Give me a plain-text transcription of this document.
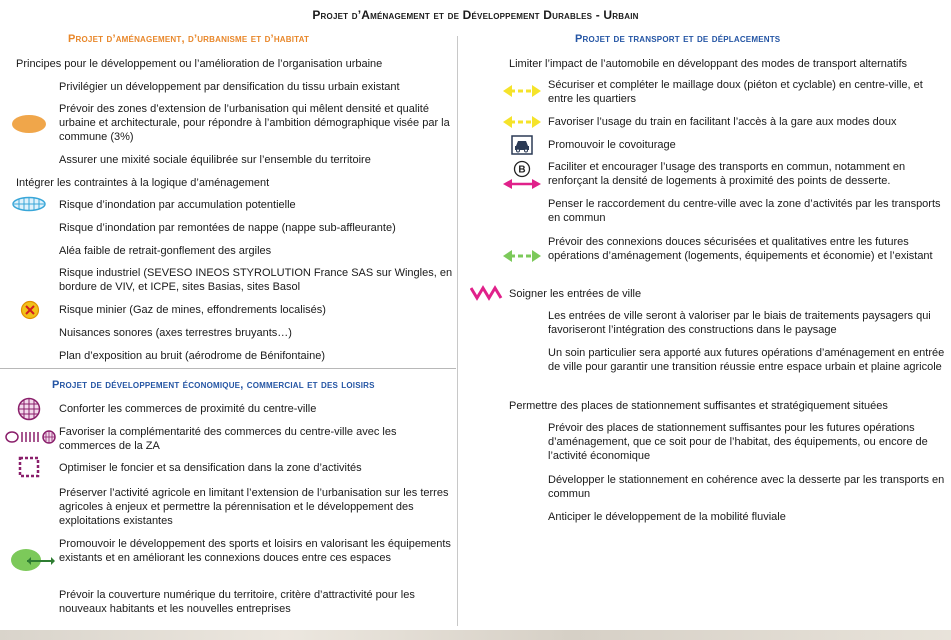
Projet d’Aménagement et de Développement Durables - Urbain
Projet d’aménagement, d’urbanisme et d’habitat

Principes pour le développement ou l’amélioration de l’organisation urbaine

Privilégier un développement par densification du tissu urbain existant

Prévoir des zones d’extension de l’urbanisation qui mêlent densité et qualité urbaine et architecturale, pour répondre à l’ambition démographique visée par la commune (3%)

Assurer une mixité sociale équilibrée sur l’ensemble du territoire

Intégrer les contraintes à la logique d’aménagement

Risque d’inondation par accumulation potentielle

Risque d’inondation par remontées de nappe (nappe sub-affleurante)

Aléa faible de retrait-gonflement des argiles

Risque industriel (SEVESO INEOS STYROLUTION France SAS sur Wingles, en bordure de VIV, et ICPE, sites Basias, sites Basol

Risque minier (Gaz de mines, effondrements localisés)

Nuisances sonores (axes terrestres bruyants…)

Plan d’exposition au bruit (aérodrome de Bénifontaine)

Projet de développement économique, commercial et des loisirs

Conforter les commerces de proximité du centre-ville

Favoriser la complémentarité des commerces du centre-ville avec les commerces de la ZA

Optimiser le foncier et sa densification dans la zone d’activités

Préserver l’activité agricole en limitant l’extension de l’urbanisation sur les terres agricoles à enjeux et permettre la pérennisation et le développement des exploitations existantes

Promouvoir le développement des sports et loisirs en valorisant les équipements existants et en améliorant les connexions douces entre ces espaces

Prévoir la couverture numérique du territoire, critère d’attractivité pour les nouveaux habitants et les nouvelles entreprises

Projet de transport et de déplacements

Limiter l’impact de l’automobile en développant des modes de transport alternatifs

Sécuriser et compléter le maillage doux (piéton et cyclable) en centre-ville, et entre les quartiers

Favoriser l’usage du train en facilitant l’accès à la gare aux modes doux

Promouvoir le covoiturage

B Faciliter et encourager l’usage des transports en commun, notamment en renforçant la densité de logements à proximité des points de desserte.

Penser le raccordement du centre-ville avec la zone d’activités par les transports en commun

Prévoir des connexions douces sécurisées et qualitatives entre les futures opérations d’aménagement (logements, équipements et économie) et l’existant

Soigner les entrées de ville

Les entrées de ville seront à valoriser par le biais de traitements paysagers qui favoriseront l’intégration des constructions dans le paysage

Un soin particulier sera apporté aux futures opérations d’aménagement en entrée de ville pour garantir une transition réussie entre espace urbain et plaine agricole

Permettre des places de stationnement suffisantes et stratégiquement situées

Prévoir des places de stationnement suffisantes pour les futures opérations d’aménagement, que ce soit pour de l’habitat, des équipements, ou encore de l’activité économique

Développer le stationnement en cohérence avec la desserte par les transports en commun

Anticiper le développement de la mobilité fluviale
